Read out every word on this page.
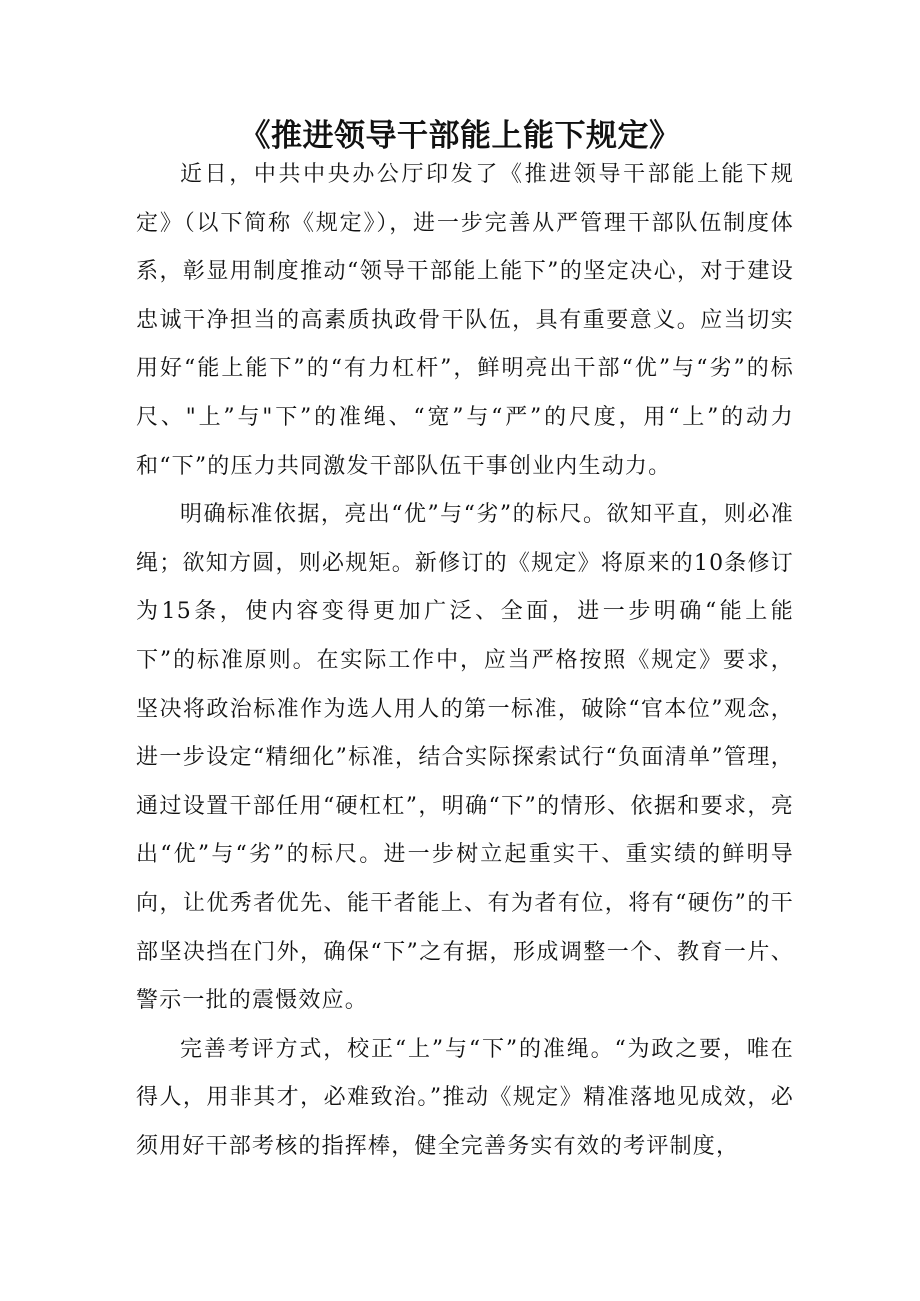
《推进领导干部能上能下规定》

近日，中共中央办公厅印发了《推进领导干部能上能下规定》（以下简称《规定》），进一步完善从严管理干部队伍制度体系，彰显用制度推动“领导干部能上能下”的坚定决心，对于建设忠诚干净担当的高素质执政骨干队伍，具有重要意义。应当切实用好“能上能下”的“有力杠杆”，鲜明亮出干部“优”与“劣”的标尺、"上”与"下”的准绳、“宽”与“严”的尺度，用“上”的动力和“下”的压力共同激发干部队伍干事创业内生动力。

明确标准依据，亮出“优”与“劣”的标尺。欲知平直，则必准绳；欲知方圆，则必规矩。新修订的《规定》将原来的10条修订为15条，使内容变得更加广泛、全面，进一步明确“能上能下”的标准原则。在实际工作中，应当严格按照《规定》要求，坚决将政治标准作为选人用人的第一标准，破除“官本位”观念，进一步设定“精细化”标准，结合实际探索试行“负面清单”管理，通过设置干部任用“硬杠杠”，明确“下”的情形、依据和要求，亮出“优”与“劣”的标尺。进一步树立起重实干、重实绩的鲜明导向，让优秀者优先、能干者能上、有为者有位，将有“硬伤”的干部坚决挡在门外，确保“下”之有据，形成调整一个、教育一片、警示一批的震慑效应。

完善考评方式，校正“上”与“下”的准绳。“为政之要，唯在得人，用非其才，必难致治。”推动《规定》精准落地见成效，必须用好干部考核的指挥棒，健全完善务实有效的考评制度，
